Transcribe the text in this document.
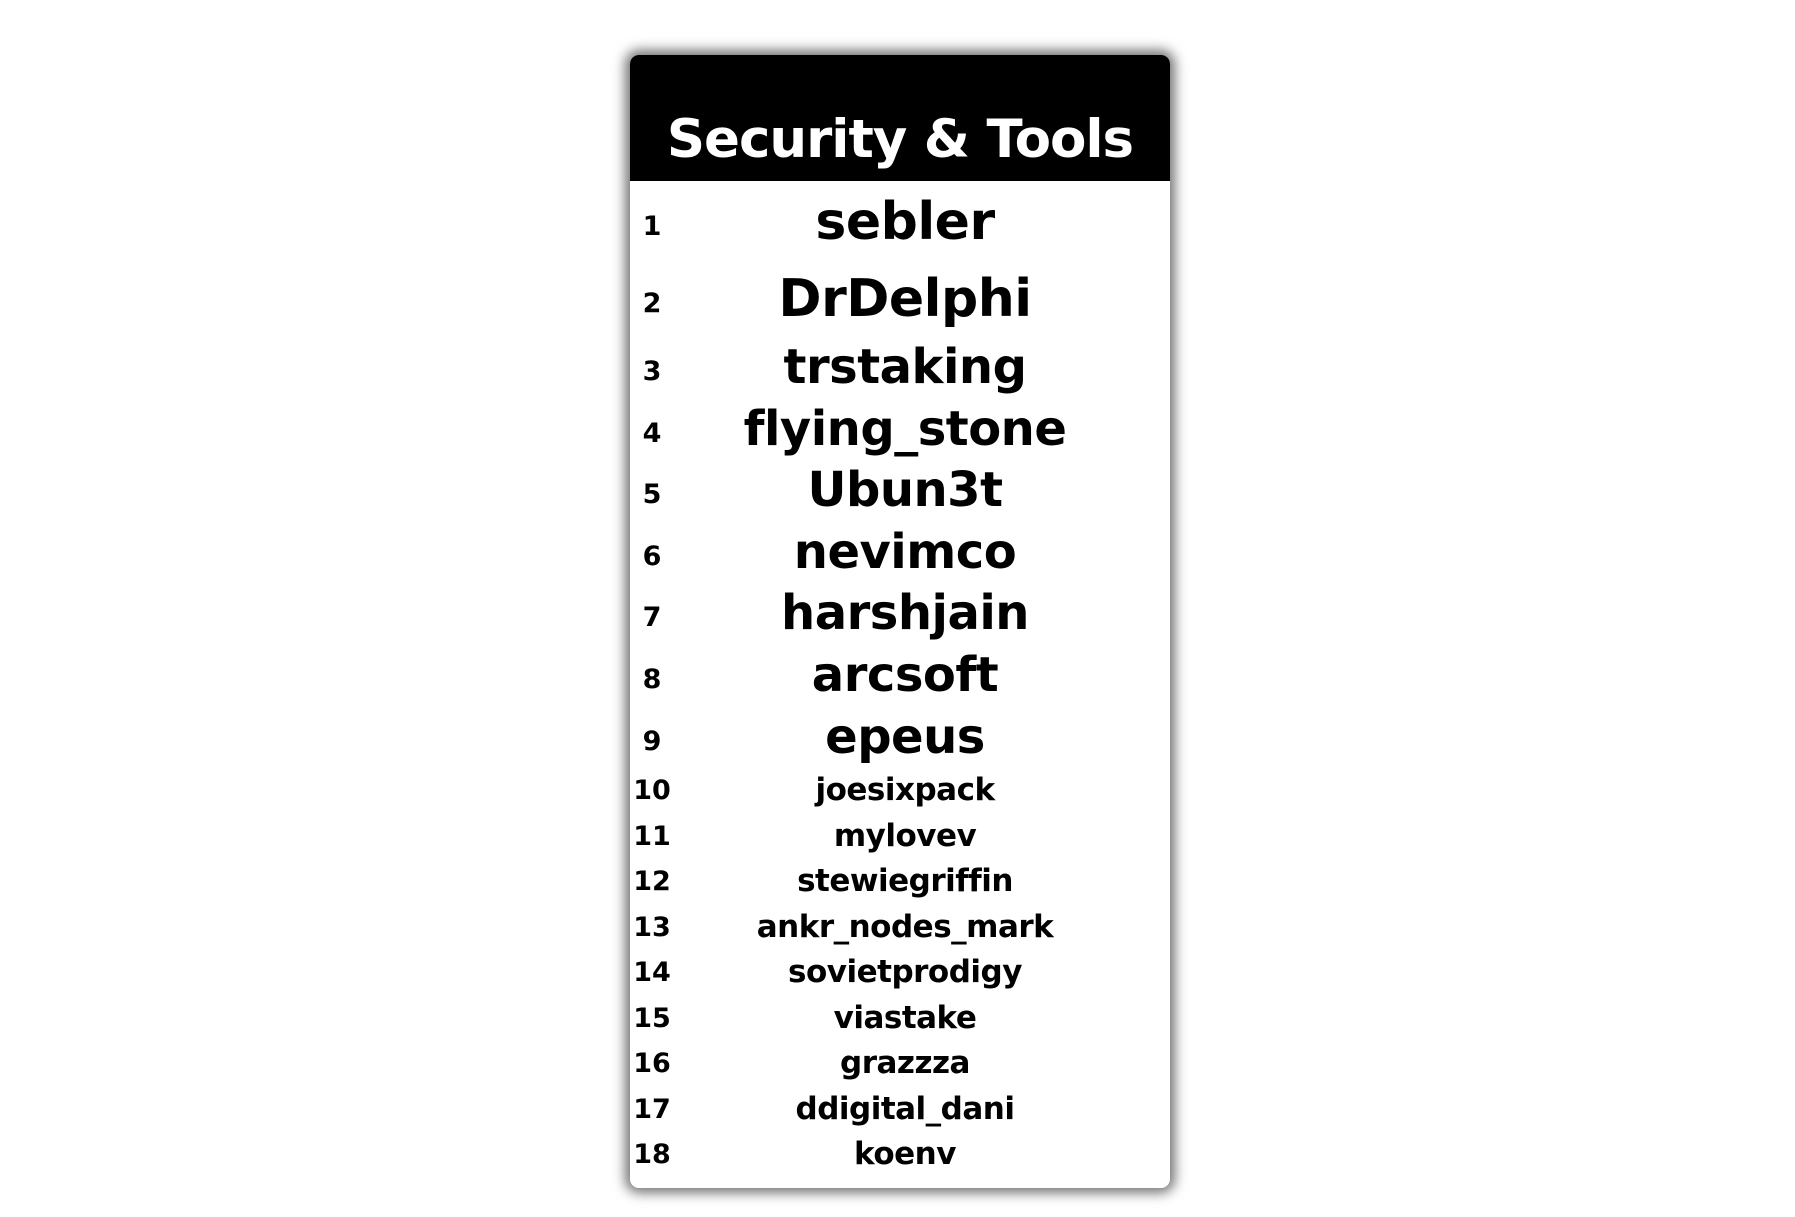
Security & Tools
1	sebler
2	DrDelphi
3	trstaking
4	flying_stone
5	Ubun3t
6	nevimco
7	harshjain
8	arcsoft
9	epeus
10	joesixpack
11	mylovev
12	stewiegriffin
13	ankr_nodes_mark
14	sovietprodigy
15	viastake
16	grazzza
17	ddigital_dani
18	koenv
